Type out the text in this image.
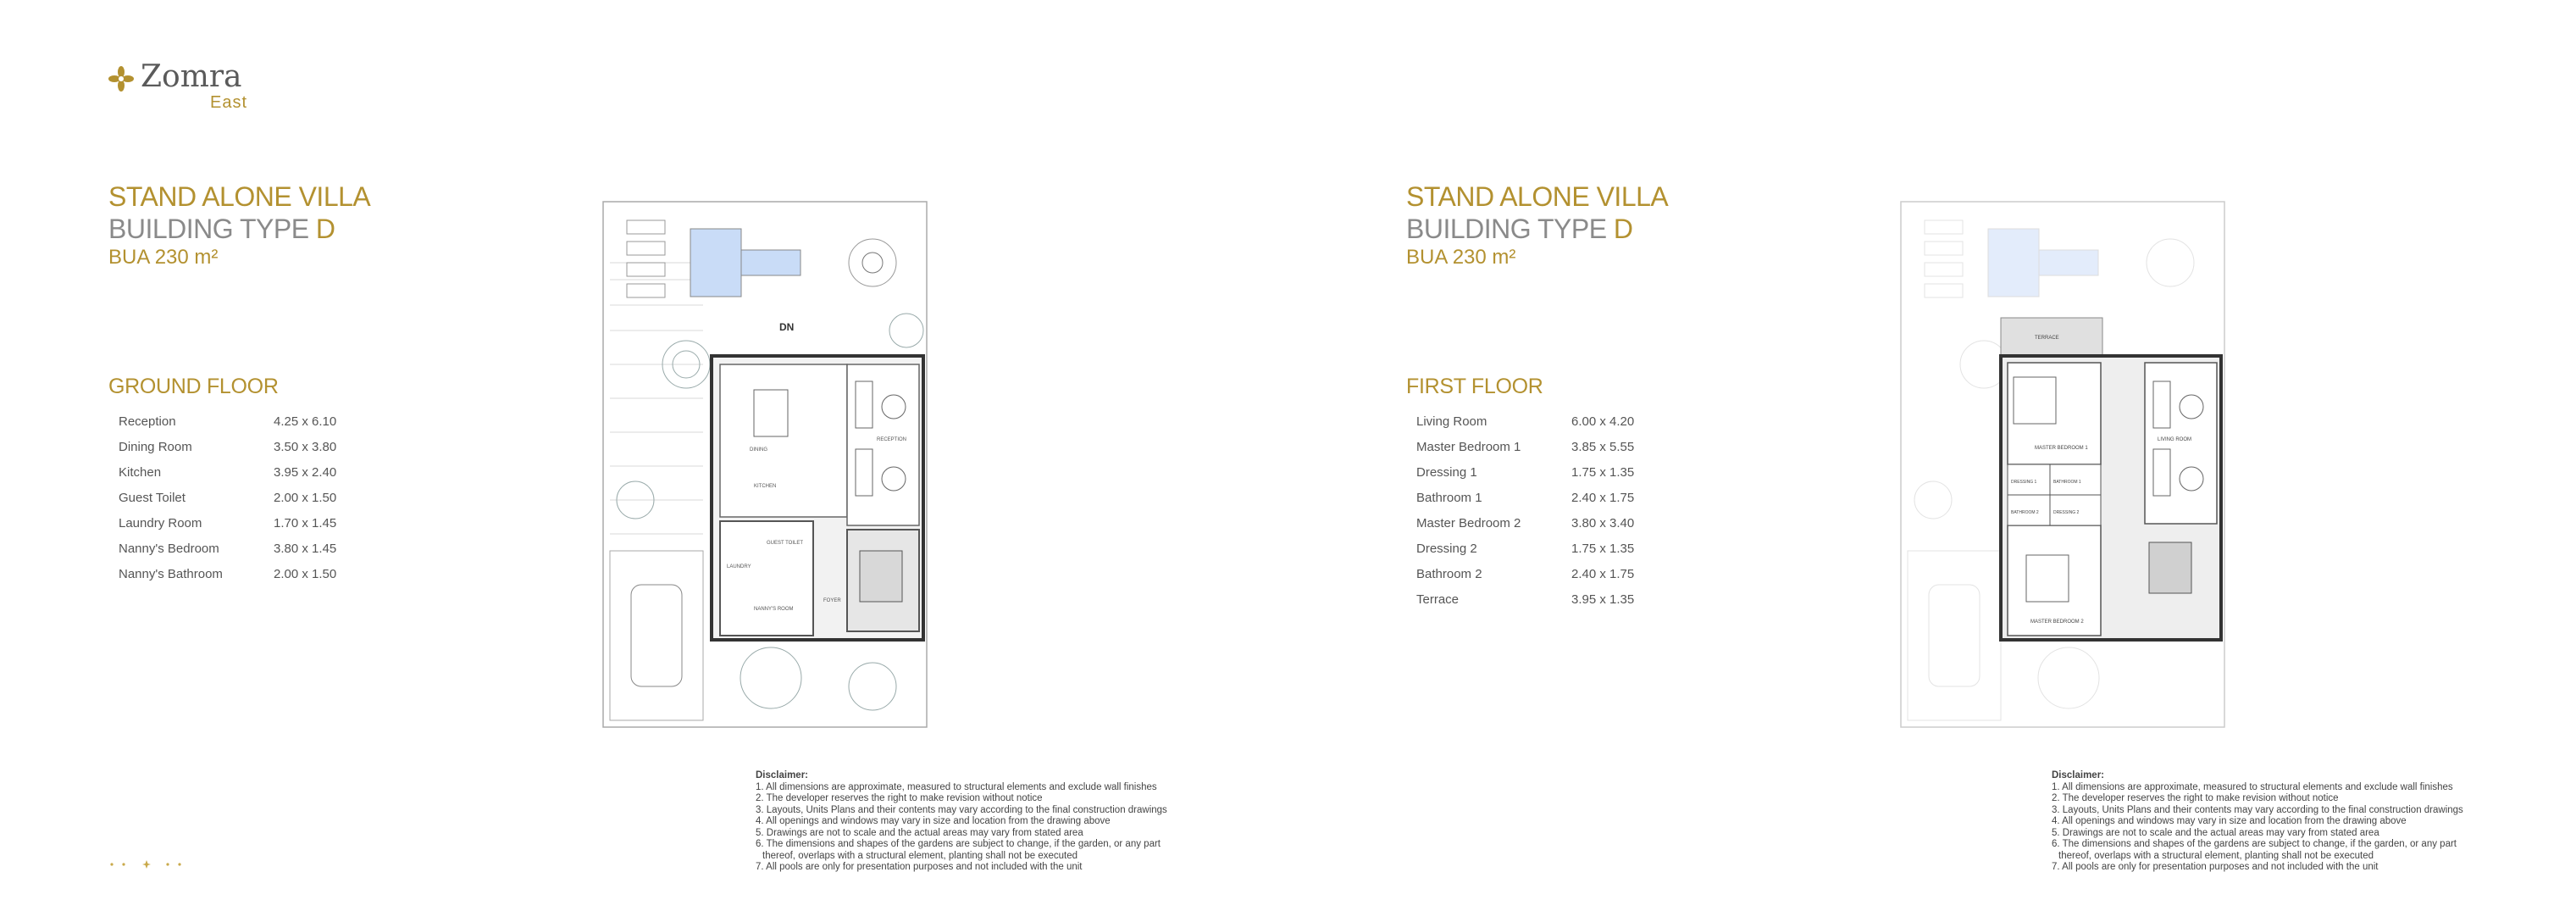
Zomra
East
STAND ALONE VILLA
BUILDING TYPE D
BUA 230 m²
GROUND FLOOR
Reception	4.25 x 6.10
Dining Room	3.50 x 3.80
Kitchen	3.95 x 2.40
Guest Toilet	2.00 x 1.50
Laundry Room	1.70 x 1.45
Nanny's Bedroom	3.80 x 1.45
Nanny's Bathroom	2.00 x 1.50
DN
DINING
RECEPTION
KITCHEN
GUEST TOILET
LAUNDRY
NANNY'S ROOM
FOYER
STAND ALONE VILLA
BUILDING TYPE D
BUA 230 m²
FIRST FLOOR
Living Room	6.00 x 4.20
Master Bedroom 1	3.85 x 5.55
Dressing 1	1.75 x 1.35
Bathroom 1	2.40 x 1.75
Master Bedroom 2	3.80 x 3.40
Dressing 2	1.75 x 1.35
Bathroom 2	2.40 x 1.75
Terrace	3.95 x 1.35
TERRACE
MASTER BEDROOM 1
MASTER BEDROOM 2
LIVING ROOM
DRESSING 1	BATHROOM 1
BATHROOM 2	DRESSING 2
Disclaimer:
1. All dimensions are approximate, measured to structural elements and exclude wall finishes
2. The developer reserves the right to make revision without notice
3. Layouts, Units Plans and their contents may vary according to the final construction drawings
4. All openings and windows may vary in size and location from the drawing above
5. Drawings are not to scale and the actual areas may vary from stated area
6. The dimensions and shapes of the gardens are subject to change, if the garden, or any part
thereof, overlaps with a structural element, planting shall not be executed
7. All pools are only for presentation purposes and not included with the unit
Disclaimer:
1. All dimensions are approximate, measured to structural elements and exclude wall finishes
2. The developer reserves the right to make revision without notice
3. Layouts, Units Plans and their contents may vary according to the final construction drawings
4. All openings and windows may vary in size and location from the drawing above
5. Drawings are not to scale and the actual areas may vary from stated area
6. The dimensions and shapes of the gardens are subject to change, if the garden, or any part
thereof, overlaps with a structural element, planting shall not be executed
7. All pools are only for presentation purposes and not included with the unit
